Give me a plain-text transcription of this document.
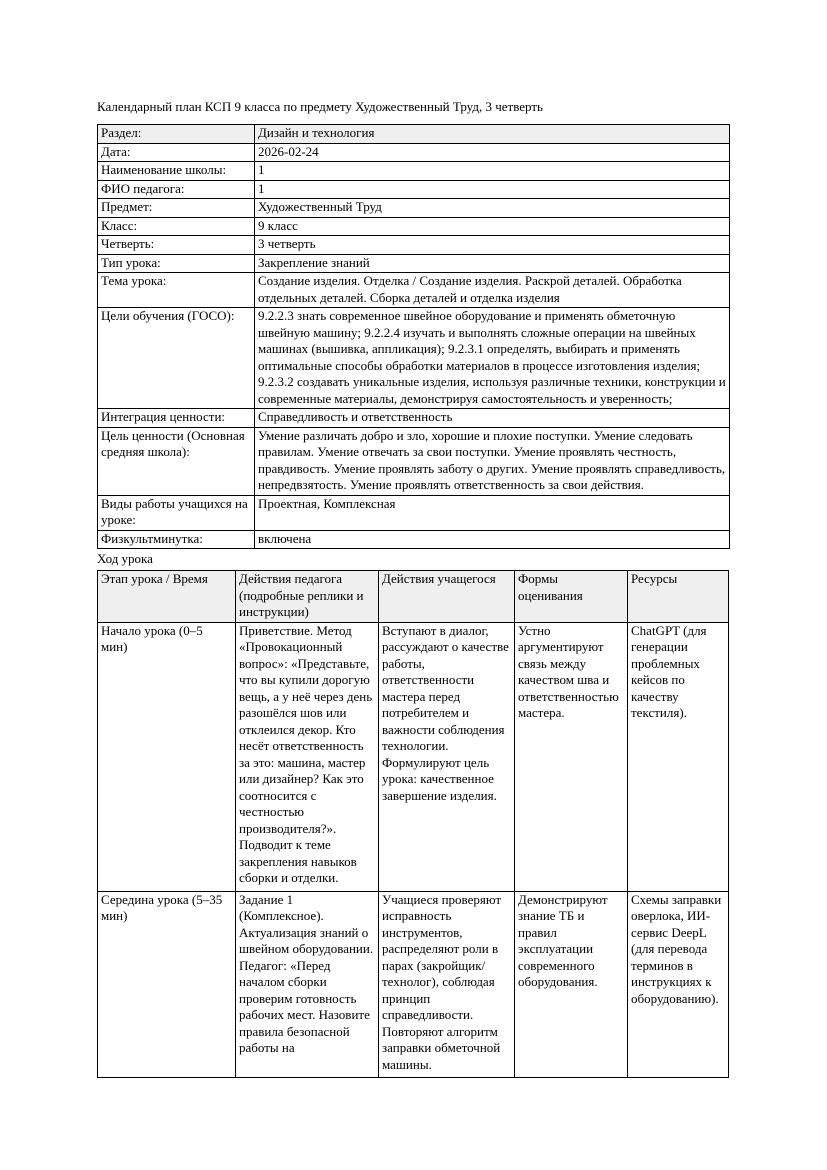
Календарный план КСП 9 класса по предмету Художественный Труд, 3 четверть

Раздел:	Дизайн и технология
Дата:	2026-02-24
Наименование школы:	1
ФИО педагога:	1
Предмет:	Художественный Труд
Класс:	9 класс
Четверть:	3 четверть
Тип урока:	Закрепление знаний
Тема урока:	Создание изделия. Отделка / Создание изделия. Раскрой деталей. Обработка отдельных деталей. Сборка деталей и отделка изделия
Цели обучения (ГОСО):	9.2.2.3 знать современное швейное оборудование и применять обметочную швейную машину; 9.2.2.4 изучать и выполнять сложные операции на швейных машинах (вышивка, аппликация); 9.2.3.1 определять, выбирать и применять оптимальные способы обработки материалов в процессе изготовления изделия; 9.2.3.2 создавать уникальные изделия, используя различные техники, конструкции и современные материалы, демонстрируя самостоятельность и уверенность;
Интеграция ценности:	Справедливость и ответственность
Цель ценности (Основная средняя школа):	Умение различать добро и зло, хорошие и плохие поступки. Умение следовать правилам. Умение отвечать за свои поступки. Умение проявлять честность, правдивость. Умение проявлять заботу о других. Умение проявлять справедливость, непредвзятость. Умение проявлять ответственность за свои действия.
Виды работы учащихся на уроке:	Проектная, Комплексная
Физкультминутка:	включена

Ход урока

Этап урока / Время	Действия педагога (подробные реплики и инструкции)	Действия учащегося	Формы оценивания	Ресурсы
Начало урока (0–5 мин)	Приветствие. Метод «Провокационный вопрос»: «Представьте, что вы купили дорогую вещь, а у неё через день разошёлся шов или отклеился декор. Кто несёт ответственность за это: машина, мастер или дизайнер? Как это соотносится с честностью производителя?». Подводит к теме закрепления навыков сборки и отделки.	Вступают в диалог, рассуждают о качестве работы, ответственности мастера перед потребителем и важности соблюдения технологии. Формулируют цель урока: качественное завершение изделия.	Устно аргументируют связь между качеством шва и ответственностью мастера.	ChatGPT (для генерации проблемных кейсов по качеству текстиля).
Середина урока (5–35 мин)	Задание 1 (Комплексное). Актуализация знаний о швейном оборудовании. Педагог: «Перед началом сборки проверим готовность рабочих мест. Назовите правила безопасной работы на	Учащиеся проверяют исправность инструментов, распределяют роли в парах (закройщик/технолог), соблюдая принцип справедливости. Повторяют алгоритм заправки обметочной машины.	Демонстрируют знание ТБ и правил эксплуатации современного оборудования.	Схемы заправки оверлока, ИИ-сервис DeepL (для перевода терминов в инструкциях к оборудованию).
